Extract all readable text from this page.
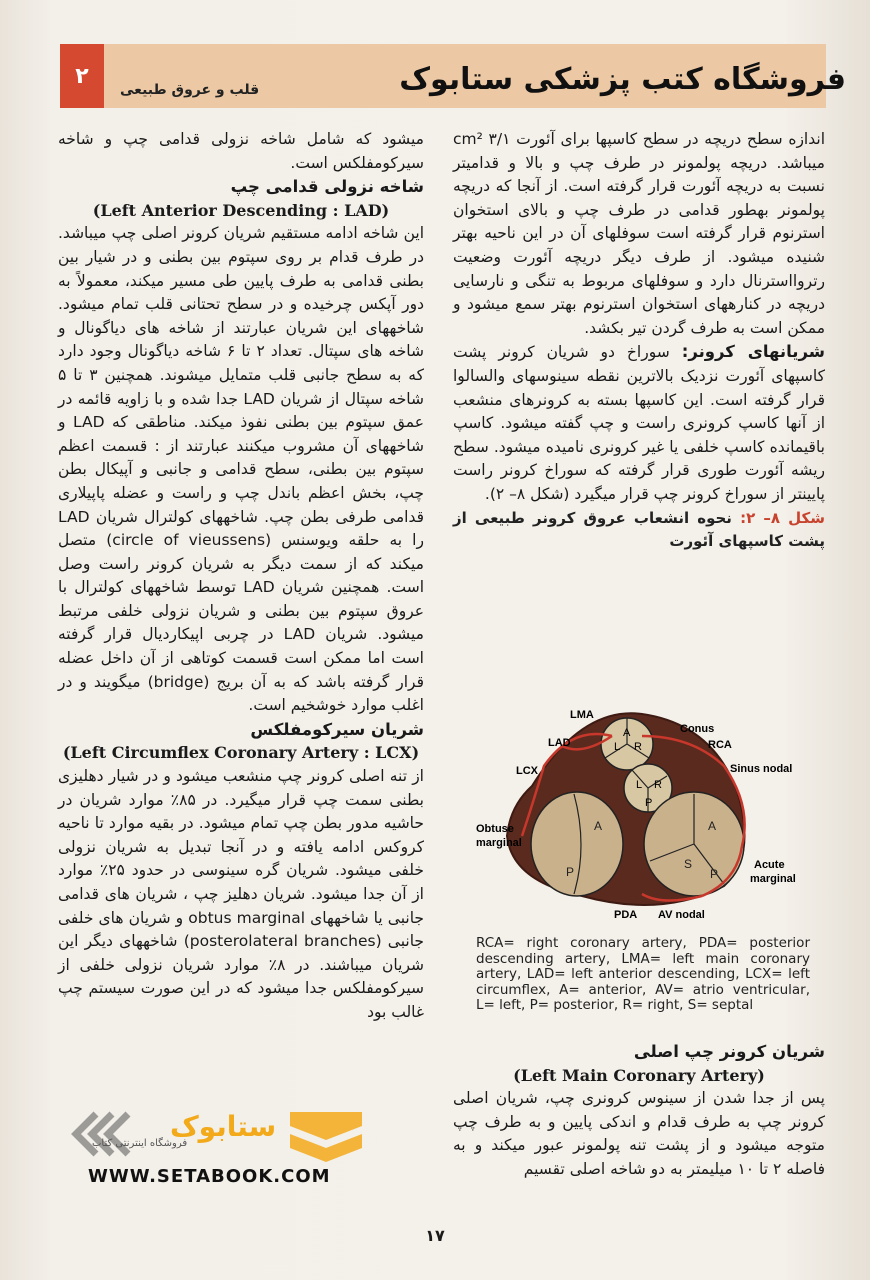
۲
قلب و عروق طبیعی	فروشگاه کتب پزشکی ستابوک

اندازه سطح دریچه در سطح کاسپها برای آئورت ۳/۱ cm² میباشد. دریچه پولمونر در طرف چپ و بالا و قدامیتر نسبت به دریچه آئورت قرار گرفته است. از آنجا که دریچه پولمونر بهطور قدامی در طرف چپ و بالای استخوان استرنوم قرار گرفته است سوفلهای آن در این ناحیه بهتر شنیده میشود. از طرف دیگر دریچه آئورت وضعیت رتروااسترنال دارد و سوفلهای مربوط به تنگی و نارسایی دریچه در کنارههای استخوان استرنوم بهتر سمع میشود و ممکن است به طرف گردن تیر بکشد.

شریانهای کرونر: سوراخ دو شریان کرونر پشت کاسپهای آئورت نزدیک بالاترین نقطه سینوسهای والسالوا قرار گرفته است. این کاسپها بسته به کرونرهای منشعب از آنها کاسپ کرونری راست و چپ گفته میشود. کاسپ باقیمانده کاسپ خلفی یا غیر کرونری نامیده میشود. سطح ریشه آئورت طوری قرار گرفته که سوراخ کرونر راست پایینتر از سوراخ کرونر چپ قرار میگیرد (شکل ۸– ۲).

شکل ۸– ۲: نحوه انشعاب عروق کرونر طبیعی از پشت کاسپهای آئورت

L R
A
L R
P
A
P
A
S
P
LMA
LAD
LCX
Conus
RCA
Sinus nodal
Obtuse
marginal
Acute
marginal
PDA AV nodal
RCA= right coronary artery, PDA= posterior descending artery, LMA= left main coronary artery, LAD= left anterior descending, LCX= left circumflex, A= anterior, AV= atrio ventricular, L= left, P= posterior, R= right, S= septal

شریان کرونر چپ اصلی

(Left Main Coronary Artery)

پس از جدا شدن از سینوس کرونری چپ، شریان اصلی کرونر چپ به طرف قدام و اندکی پایین و به طرف چپ متوجه میشود و از پشت تنه پولمونر عبور میکند و به فاصله ۲ تا ۱۰ میلیمتر به دو شاخه اصلی تقسیم

میشود که شامل شاخه نزولی قدامی چپ و شاخه سیرکومفلکس است.

شاخه نزولی قدامی چپ

(Left Anterior Descending : LAD)

این شاخه ادامه مستقیم شریان کرونر اصلی چپ میباشد. در طرف قدام بر روی سپتوم بین بطنی و در شیار بین بطنی قدامی به طرف پایین طی مسیر میکند، معمولاً به دور آپکس چرخیده و در سطح تحتانی قلب تمام میشود. شاخههای این شریان عبارتند از شاخه های دیاگونال و شاخه های سپتال. تعداد ۲ تا ۶ شاخه دیاگونال وجود دارد که به سطح جانبی قلب متمایل میشوند. همچنین ۳ تا ۵ شاخه سپتال از شریان LAD جدا شده و با زاویه قائمه در عمق سپتوم بین بطنی نفوذ میکند. مناطقی که LAD و شاخههای آن مشروب میکنند عبارتند از : قسمت اعظم سپتوم بین بطنی، سطح قدامی و جانبی و آپیکال بطن چپ، بخش اعظم باندل چپ و راست و عضله پاپیلاری قدامی طرفی بطن چپ. شاخههای کولترال شریان LAD را به حلقه ویوسنس (circle of vieussens) متصل میکند که از سمت دیگر به شریان کرونر راست وصل است. همچنین شریان LAD توسط شاخههای کولترال با عروق سپتوم بین بطنی و شریان نزولی خلفی مرتبط میشود. شریان LAD در چربی اپیکاردیال قرار گرفته است اما ممکن است قسمت کوتاهی از آن داخل عضله قرار گرفته باشد که به آن بریج (bridge) میگویند و در اغلب موارد خوشخیم است.

شریان سیرکومفلکس

(Left Circumflex Coronary Artery : LCX)

از تنه اصلی کرونر چپ منشعب میشود و در شیار دهلیزی بطنی سمت چپ قرار میگیرد. در ۸۵٪ موارد شریان در حاشیه مدور بطن چپ تمام میشود. در بقیه موارد تا ناحیه کروکس ادامه یافته و در آنجا تبدیل به شریان نزولی خلفی میشود. شریان گره سینوسی در حدود ۲۵٪ موارد از آن جدا میشود. شریان دهلیز چپ ، شریان های قدامی جانبی یا شاخههای obtus marginal و شریان های خلفی جانبی (posterolateral branches) شاخههای دیگر این شریان میباشند. در ۸٪ موارد شریان نزولی خلفی از سیرکومفلکس جدا میشود که در این صورت سیستم چپ غالب بود

ستابوک
فروشگاه اینترنتی کتاب
WWW.SETABOOK.COM
۱۷
